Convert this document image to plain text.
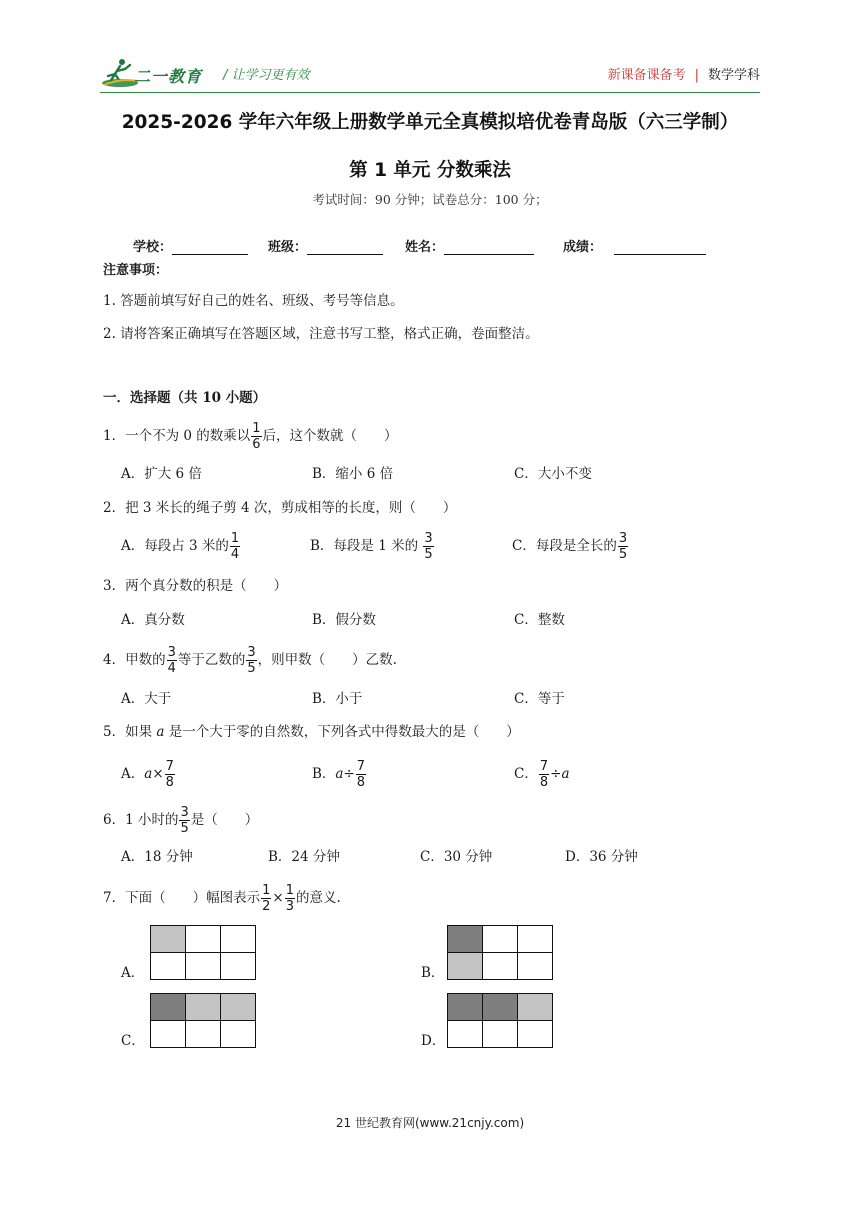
二一教育 / 让学习更有效	新课备课备考 | 数学学科
2025-2026 学年六年级上册数学单元全真模拟培优卷青岛版（六三学制）
第 1 单元 分数乘法
考试时间：90 分钟；试卷总分：100 分；
学校：	班级：	姓名：	成绩：
注意事项：
1. 答题前填写好自己的姓名、班级、考号等信息。
2. 请将答案正确填写在答题区域，注意书写工整，格式正确，卷面整洁。
一．选择题（共 10 小题）
1．一个不为 0 的数乘以 $\frac{1}{6}$ 后，这个数就（　　）
A．扩大 6 倍	B．缩小 6 倍	C．大小不变
2．把 3 米长的绳子剪 4 次，剪成相等的长度，则（　　）
A．每段占 3 米的 $\frac{1}{4}$	B．每段是 1 米的 $\frac{3}{5}$	C．每段是全长的 $\frac{3}{5}$
3．两个真分数的积是（　　）
A．真分数	B．假分数	C．整数
4．甲数的 $\frac{3}{4}$ 等于乙数的 $\frac{3}{5}$ ，则甲数（　　）乙数.
A．大于	B．小于	C．等于
5．如果 a 是一个大于零的自然数，下列各式中得数最大的是（　　）
A．$a\times \frac{7}{8}$	B．$a\div \frac{7}{8}$	C． $\frac{7}{8} \div a$
6．1 小时的 $\frac{3}{5}$ 是（　　）
A．18 分钟	B．24 分钟	C．30 分钟	D．36 分钟
7．下面（　　）幅图表示 $\frac{1}{2} \times \frac{1}{3}$ 的意义.
A．

			B．

C．

			D．

21 世纪教育网(www.21cnjy.com)
